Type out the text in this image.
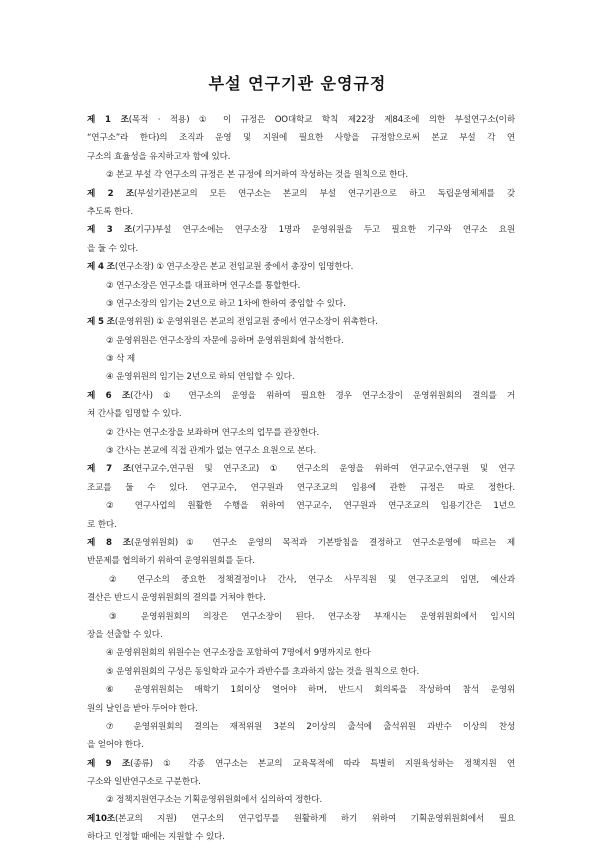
부설 연구기관 운영규정
제 1 조(목적 · 적용) ① 이 규정은 OO대학교 학칙 제22장 제84조에 의한 부설연구소(이하
“연구소”라 한다)의 조직과 운영 및 지원에 필요한 사항을 규정함으로써 본교 부설 각 연
구소의 효율성을 유지하고자 함에 있다.
② 본교 부설 각 연구소의 규정은 본 규정에 의거하여 작성하는 것을 원칙으로 한다.
제 2 조(부설기관)본교의 모든 연구소는 본교의 부설 연구기관으로 하고 독립운영체제를 갖
추도록 한다.
제 3 조(기구)부설 연구소에는 연구소장 1명과 운영위원을 두고 필요한 기구와 연구소 요원
을 둘 수 있다.
제 4 조(연구소장) ① 연구소장은 본교 전임교원 중에서 총장이 임명한다.
② 연구소장은 연구소를 대표하며 연구소를 통할한다.
③ 연구소장의 임기는 2년으로 하고 1차에 한하여 중임할 수 있다.
제 5 조(운영위원) ① 운영위원은 본교의 전임교원 중에서 연구소장이 위촉한다.
② 운영위원은 연구소장의 자문에 응하며 운영위원회에 참석한다.
③ 삭 제
④ 운영위원의 임기는 2년으로 하되 연임할 수 있다.
제 6 조(간사) ① 연구소의 운영을 위하여 필요한 경우 연구소장이 운영위원회의 결의를 거
쳐 간사를 임명할 수 있다.
② 간사는 연구소장을 보좌하며 연구소의 업무를 관장한다.
③ 간사는 본교에 직접 관계가 없는 연구소 요원으로 본다.
제 7 조(연구교수,연구원 및 연구조교) ① 연구소의 운영을 위하여 연구교수,연구원 및 연구
조교를 둘 수 있다. 연구교수, 연구원과 연구조교의 임용에 관한 규정은 따로 정한다.
② 연구사업의 원활한 수행을 위하여 연구교수, 연구원과 연구조교의 임용기간은 1년으
로 한다.
제 8 조(운영위원회)① 연구소 운영의 목적과 기본방침을 결정하고 연구소운영에 따르는 제
반문제를 협의하기 위하여 운영위원회를 둔다.
② 연구소의 중요한 정책결정이나 간사, 연구소 사무직원 및 연구조교의 임면, 예산과
결산은 반드시 운영위원회의 결의를 거쳐야 한다.
③ 운영위원회의 의장은 연구소장이 된다. 연구소장 부재시는 운영위원회에서 임시의
장을 선출할 수 있다.
④ 운영위원회의 위원수는 연구소장을 포함하여 7명에서 9명까지로 한다
⑤ 운영위원회의 구성은 동일학과 교수가 과반수를 초과하지 않는 것을 원칙으로 한다.
⑥ 운영위원회는 매학기 1회이상 열어야 하며, 반드시 회의록을 작성하여 참석 운영위
원의 날인을 받아 두어야 한다.
⑦ 운영위원회의 결의는 재적위원 3분의 2이상의 출석에 출석위원 과반수 이상의 찬성
을 얻어야 한다.
제 9 조(종류) ① 각종 연구소는 본교의 교육목적에 따라 특별히 지원육성하는 정책지원 연
구소와 일반연구소로 구분한다.
② 정책지원연구소는 기획운영위원회에서 심의하여 정한다.
제10조(본교의 지원) 연구소의 연구업무를 원활하게 하기 위하여 기획운영위원회에서 필요
하다고 인정할 때에는 지원할 수 있다.
